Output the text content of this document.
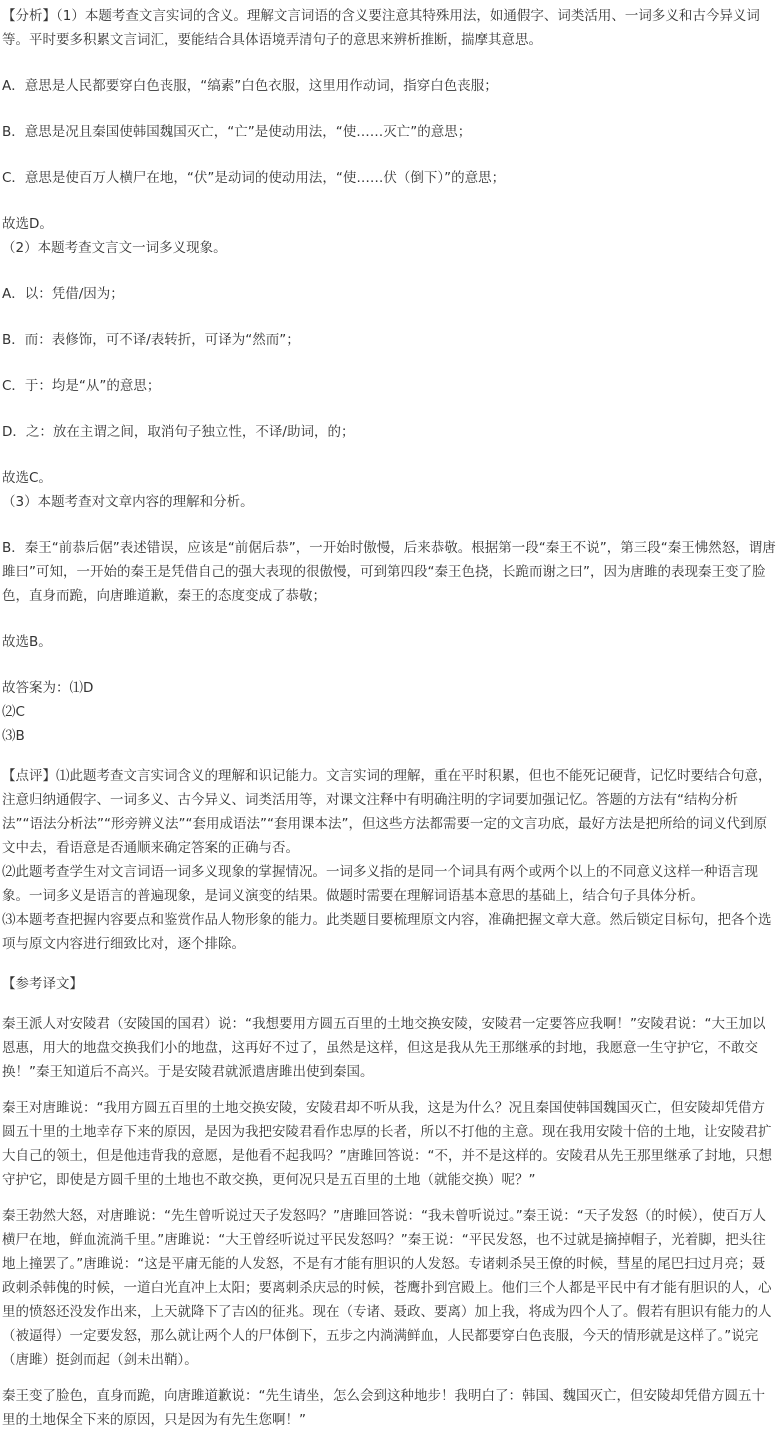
【分析】（1）本题考查文言实词的含义。理解文言词语的含义要注意其特殊用法，如通假字、词类活用、一词多义和古今异义词等。平时要多积累文言词汇，要能结合具体语境弄清句子的意思来辨析推断，揣摩其意思。

A．意思是人民都要穿白色丧服，“缟素”白色衣服，这里用作动词，指穿白色丧服；

B．意思是况且秦国使韩国魏国灭亡，“亡”是使动用法，“使……灭亡”的意思；

C．意思是使百万人横尸在地，“伏”是动词的使动用法，“使……伏（倒下）”的意思；

故选D。

（2）本题考查文言文一词多义现象。

A．以：凭借/因为；

B．而：表修饰，可不译/表转折，可译为“然而”；

C．于：均是“从”的意思；

D．之：放在主谓之间，取消句子独立性，不译/助词，的；

故选C。

（3）本题考查对文章内容的理解和分析。

B．秦王“前恭后倨”表述错误，应该是“前倨后恭”，一开始时傲慢，后来恭敬。根据第一段“秦王不说”，第三段“秦王怫然怒，谓唐雎曰”可知，一开始的秦王是凭借自己的强大表现的很傲慢，可到第四段“秦王色挠，长跪而谢之曰”，因为唐雎的表现秦王变了脸色，直身而跪，向唐雎道歉，秦王的态度变成了恭敬；

故选B。

故答案为：⑴D

⑵C

⑶B

【点评】⑴此题考查文言实词含义的理解和识记能力。文言实词的理解，重在平时积累，但也不能死记硬背，记忆时要结合句意，注意归纳通假字、一词多义、古今异义、词类活用等，对课文注释中有明确注明的字词要加强记忆。答题的方法有“结构分析法”“语法分析法”“形旁辨义法”“套用成语法”“套用课本法”，但这些方法都需要一定的文言功底，最好方法是把所给的词义代到原文中去，看语意是否通顺来确定答案的正确与否。

⑵此题考查学生对文言词语一词多义现象的掌握情况。一词多义指的是同一个词具有两个或两个以上的不同意义这样一种语言现象。一词多义是语言的普遍现象，是词义演变的结果。做题时需要在理解词语基本意思的基础上，结合句子具体分析。

⑶本题考查把握内容要点和鉴赏作品人物形象的能力。此类题目要梳理原文内容，准确把握文章大意。然后锁定目标句，把各个选项与原文内容进行细致比对，逐个排除。

【参考译文】

秦王派人对安陵君（安陵国的国君）说：“我想要用方圆五百里的土地交换安陵，安陵君一定要答应我啊！”安陵君说：“大王加以恩惠，用大的地盘交换我们小的地盘，这再好不过了，虽然是这样，但这是我从先王那继承的封地，我愿意一生守护它，不敢交换！”秦王知道后不高兴。于是安陵君就派遣唐雎出使到秦国。

秦王对唐雎说：“我用方圆五百里的土地交换安陵，安陵君却不听从我，这是为什么？况且秦国使韩国魏国灭亡，但安陵却凭借方圆五十里的土地幸存下来的原因，是因为我把安陵君看作忠厚的长者，所以不打他的主意。现在我用安陵十倍的土地，让安陵君扩大自己的领土，但是他违背我的意愿，是他看不起我吗？”唐雎回答说：“不，并不是这样的。安陵君从先王那里继承了封地，只想守护它，即使是方圆千里的土地也不敢交换，更何况只是五百里的土地（就能交换）呢？”

秦王勃然大怒，对唐雎说：“先生曾听说过天子发怒吗？”唐雎回答说：“我未曾听说过。”秦王说：“天子发怒（的时候），使百万人横尸在地，鲜血流淌千里。”唐雎说：“大王曾经听说过平民发怒吗？”秦王说：“平民发怒，也不过就是摘掉帽子，光着脚，把头往地上撞罢了。”唐雎说：“这是平庸无能的人发怒，不是有才能有胆识的人发怒。专诸刺杀吴王僚的时候，彗星的尾巴扫过月亮；聂政刺杀韩傀的时候，一道白光直冲上太阳；要离刺杀庆忌的时候，苍鹰扑到宫殿上。他们三个人都是平民中有才能有胆识的人，心里的愤怒还没发作出来，上天就降下了吉凶的征兆。现在（专诸、聂政、要离）加上我，将成为四个人了。假若有胆识有能力的人（被逼得）一定要发怒，那么就让两个人的尸体倒下，五步之内淌满鲜血，人民都要穿白色丧服，今天的情形就是这样了。”说完（唐雎）挺剑而起（剑未出鞘）。

秦王变了脸色，直身而跪，向唐雎道歉说：“先生请坐，怎么会到这种地步！我明白了：韩国、魏国灭亡，但安陵却凭借方圆五十里的土地保全下来的原因，只是因为有先生您啊！”
